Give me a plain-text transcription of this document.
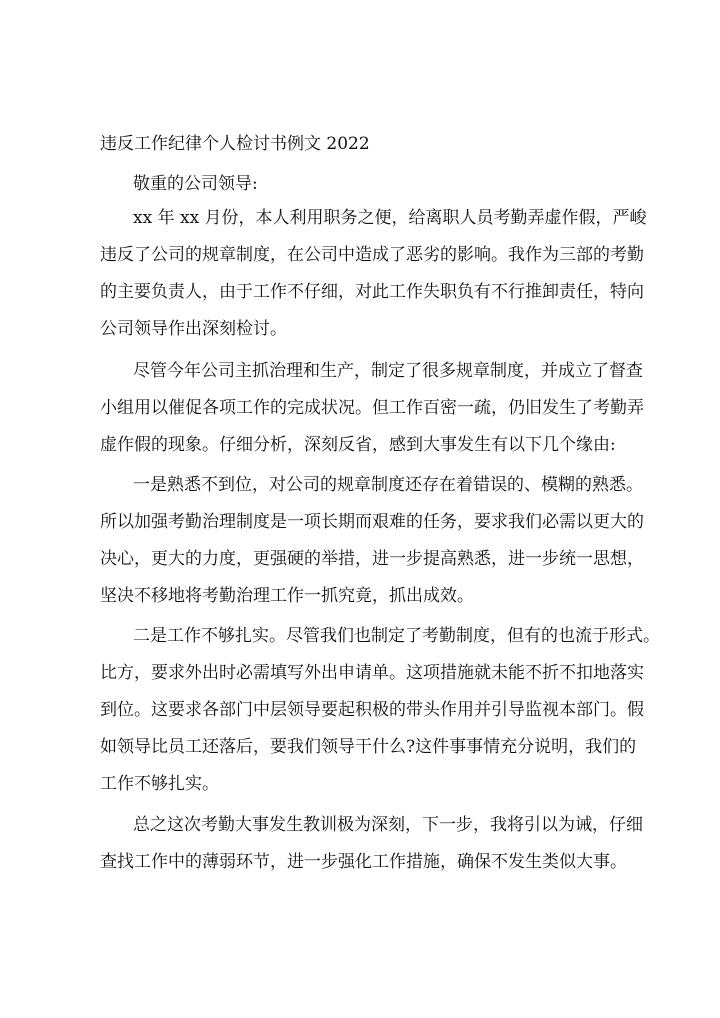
违反工作纪律个人检讨书例文 2022
敬重的公司领导:
xx 年 xx 月份，本人利用职务之便，给离职人员考勤弄虚作假，严峻
违反了公司的规章制度，在公司中造成了恶劣的影响。我作为三部的考勤
的主要负责人，由于工作不仔细，对此工作失职负有不行推卸责任，特向
公司领导作出深刻检讨。
尽管今年公司主抓治理和生产，制定了很多规章制度，并成立了督查
小组用以催促各项工作的完成状况。但工作百密一疏，仍旧发生了考勤弄
虚作假的现象。仔细分析，深刻反省，感到大事发生有以下几个缘由:
一是熟悉不到位，对公司的规章制度还存在着错误的、模糊的熟悉。
所以加强考勤治理制度是一项长期而艰难的任务，要求我们必需以更大的
决心，更大的力度，更强硬的举措，进一步提高熟悉，进一步统一思想，
坚决不移地将考勤治理工作一抓究竟，抓出成效。
二是工作不够扎实。尽管我们也制定了考勤制度，但有的也流于形式。
比方，要求外出时必需填写外出申请单。这项措施就未能不折不扣地落实
到位。这要求各部门中层领导要起积极的带头作用并引导监视本部门。假
如领导比员工还落后，要我们领导干什么?这件事事情充分说明，我们的
工作不够扎实。
总之这次考勤大事发生教训极为深刻，下一步，我将引以为诫，仔细
查找工作中的薄弱环节，进一步强化工作措施，确保不发生类似大事。
